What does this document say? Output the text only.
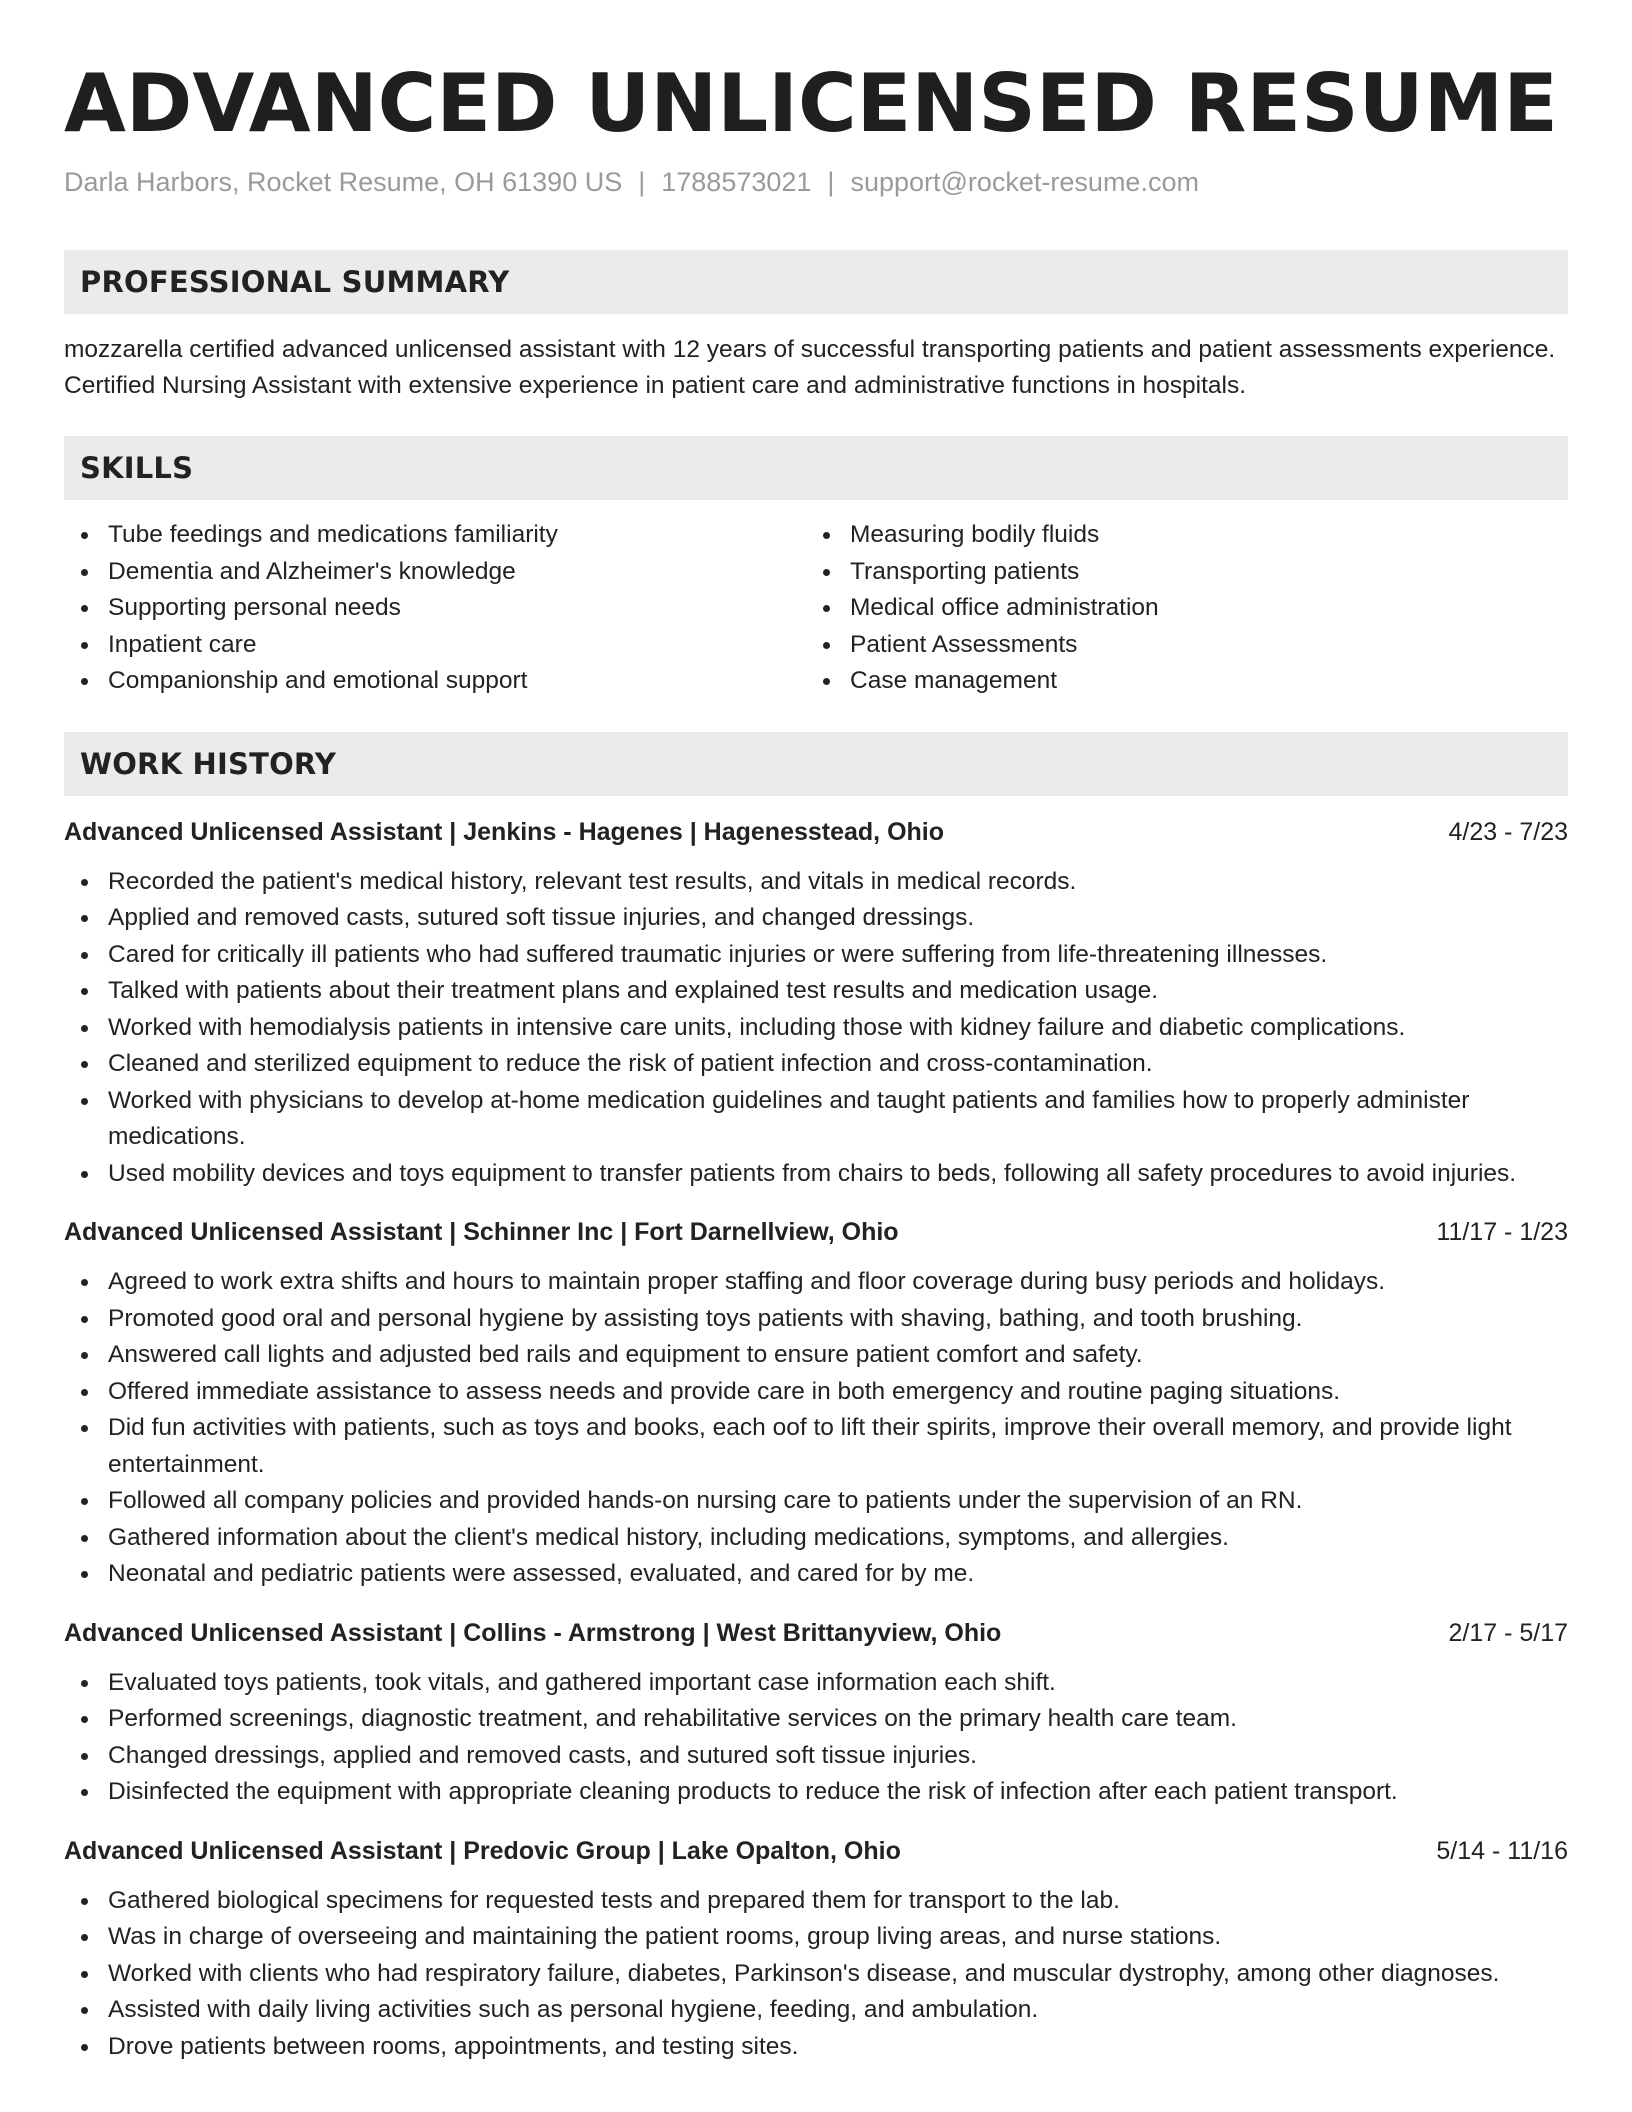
ADVANCED UNLICENSED RESUME
Darla Harbors, Rocket Resume, OH 61390 US | 1788573021 | support@rocket-resume.com
PROFESSIONAL SUMMARY
mozzarella certified advanced unlicensed assistant with 12 years of successful transporting patients and patient assessments experience. Certified Nursing Assistant with extensive experience in patient care and administrative functions in hospitals.
SKILLS
Tube feedings and medications familiarity
Dementia and Alzheimer's knowledge
Supporting personal needs
Inpatient care
Companionship and emotional support
Measuring bodily fluids
Transporting patients
Medical office administration
Patient Assessments
Case management
WORK HISTORY
Advanced Unlicensed Assistant | Jenkins - Hagenes | Hagenesstead, Ohio	4/23 - 7/23
Recorded the patient's medical history, relevant test results, and vitals in medical records.
Applied and removed casts, sutured soft tissue injuries, and changed dressings.
Cared for critically ill patients who had suffered traumatic injuries or were suffering from life-threatening illnesses.
Talked with patients about their treatment plans and explained test results and medication usage.
Worked with hemodialysis patients in intensive care units, including those with kidney failure and diabetic complications.
Cleaned and sterilized equipment to reduce the risk of patient infection and cross-contamination.
Worked with physicians to develop at-home medication guidelines and taught patients and families how to properly administer medications.
Used mobility devices and toys equipment to transfer patients from chairs to beds, following all safety procedures to avoid injuries.
Advanced Unlicensed Assistant | Schinner Inc | Fort Darnellview, Ohio	11/17 - 1/23
Agreed to work extra shifts and hours to maintain proper staffing and floor coverage during busy periods and holidays.
Promoted good oral and personal hygiene by assisting toys patients with shaving, bathing, and tooth brushing.
Answered call lights and adjusted bed rails and equipment to ensure patient comfort and safety.
Offered immediate assistance to assess needs and provide care in both emergency and routine paging situations.
Did fun activities with patients, such as toys and books, each oof to lift their spirits, improve their overall memory, and provide light entertainment.
Followed all company policies and provided hands-on nursing care to patients under the supervision of an RN.
Gathered information about the client's medical history, including medications, symptoms, and allergies.
Neonatal and pediatric patients were assessed, evaluated, and cared for by me.
Advanced Unlicensed Assistant | Collins - Armstrong | West Brittanyview, Ohio	2/17 - 5/17
Evaluated toys patients, took vitals, and gathered important case information each shift.
Performed screenings, diagnostic treatment, and rehabilitative services on the primary health care team.
Changed dressings, applied and removed casts, and sutured soft tissue injuries.
Disinfected the equipment with appropriate cleaning products to reduce the risk of infection after each patient transport.
Advanced Unlicensed Assistant | Predovic Group | Lake Opalton, Ohio	5/14 - 11/16
Gathered biological specimens for requested tests and prepared them for transport to the lab.
Was in charge of overseeing and maintaining the patient rooms, group living areas, and nurse stations.
Worked with clients who had respiratory failure, diabetes, Parkinson's disease, and muscular dystrophy, among other diagnoses.
Assisted with daily living activities such as personal hygiene, feeding, and ambulation.
Drove patients between rooms, appointments, and testing sites.
